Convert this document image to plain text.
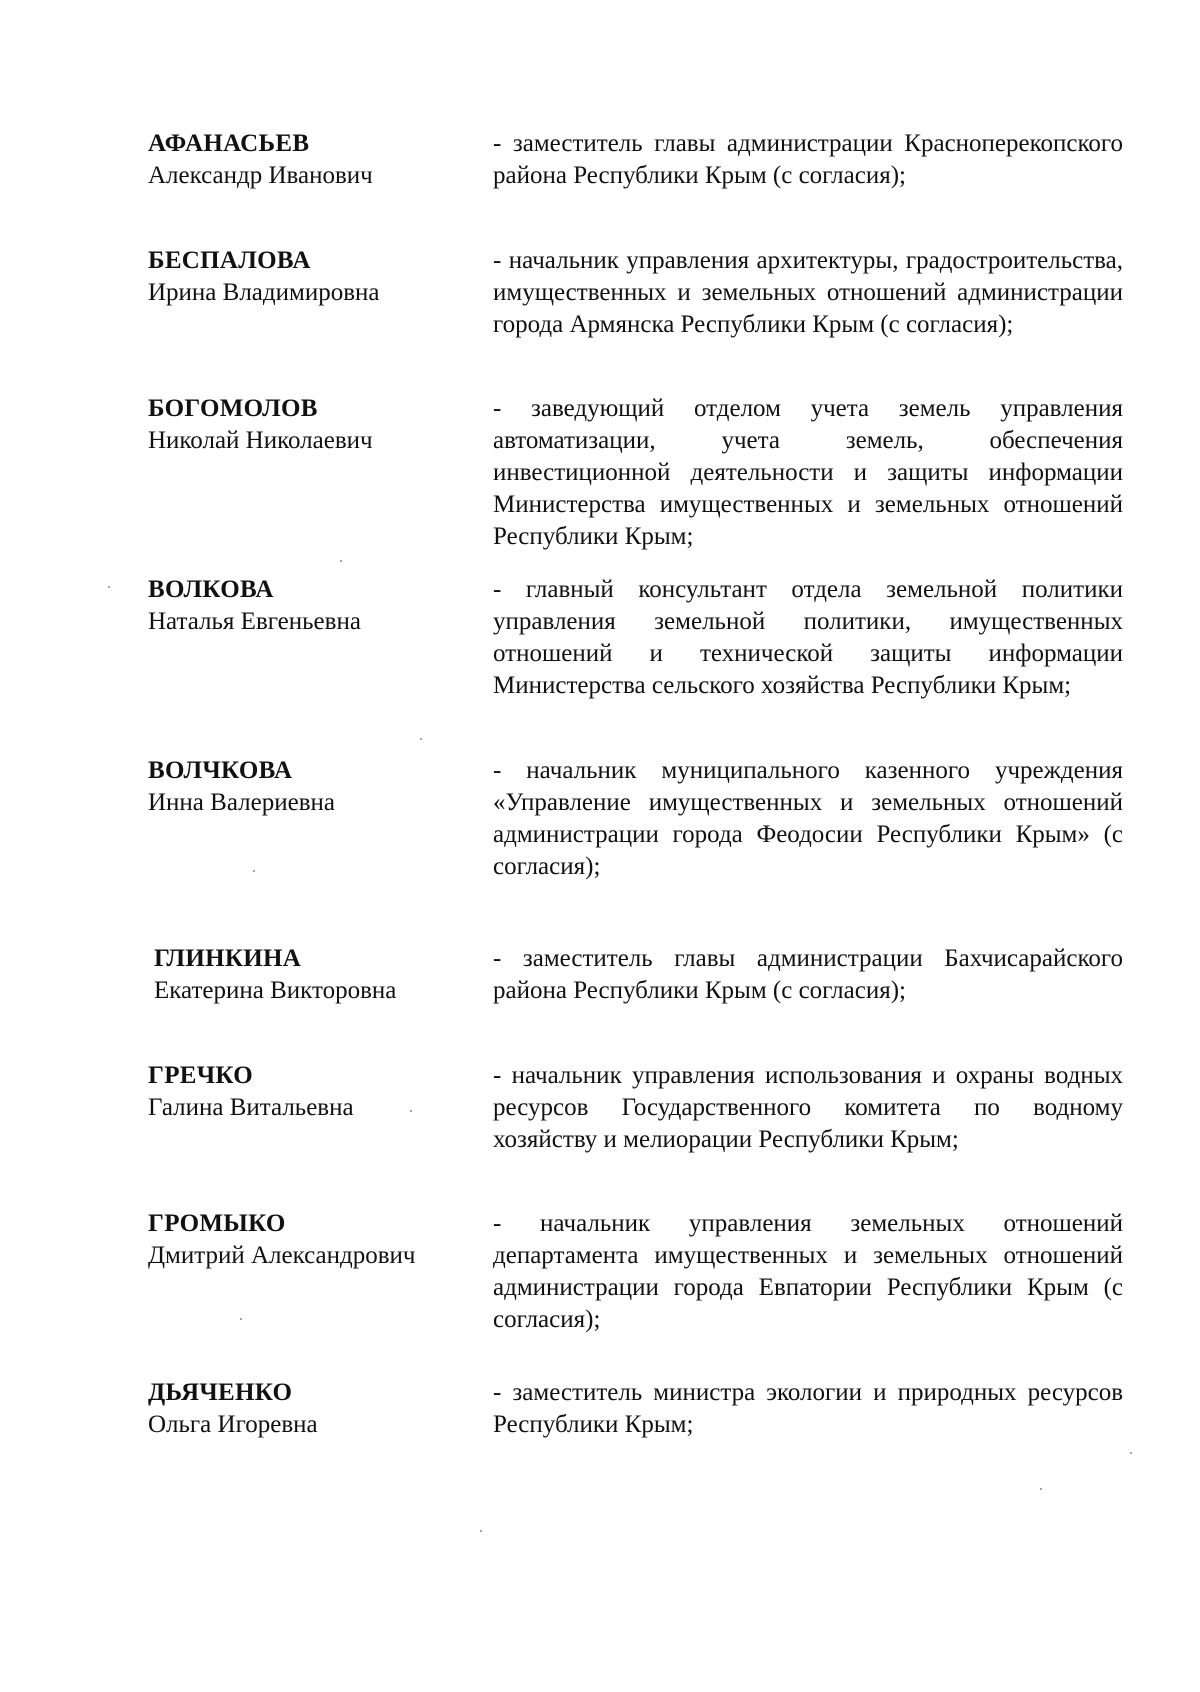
АФАНАСЬЕВ
Александр Иванович
- заместитель главы администрации Красноперекопского района Республики Крым (с согласия);
БЕСПАЛОВА
Ирина Владимировна
- начальник управления архитектуры, градостроительства, имущественных и земельных отношений администрации города Армянска Республики Крым (с согласия);
БОГОМОЛОВ
Николай Николаевич
- заведующий отделом учета земель управления автоматизации, учета земель, обеспечения инвестиционной деятельности и защиты информации Министерства имущественных и земельных отношений Республики Крым;
ВОЛКОВА
Наталья Евгеньевна
- главный консультант отдела земельной политики управления земельной политики, имущественных отношений и технической защиты информации Министерства сельского хозяйства Республики Крым;
ВОЛЧКОВА
Инна Валериевна
- начальник муниципального казенного учреждения «Управление имущественных и земельных отношений администрации города Феодосии Республики Крым» (с согласия);
ГЛИНКИНА
Екатерина Викторовна
- заместитель главы администрации Бахчисарайского района Республики Крым (с согласия);
ГРЕЧКО
Галина Витальевна
- начальник управления использования и охраны водных ресурсов Государственного комитета по водному хозяйству и мелиорации Республики Крым;
ГРОМЫКО
Дмитрий Александрович
- начальник управления земельных отношений департамента имущественных и земельных отношений администрации города Евпатории Республики Крым (с согласия);
ДЬЯЧЕНКО
Ольга Игоревна
- заместитель министра экологии и природных ресурсов Республики Крым;
